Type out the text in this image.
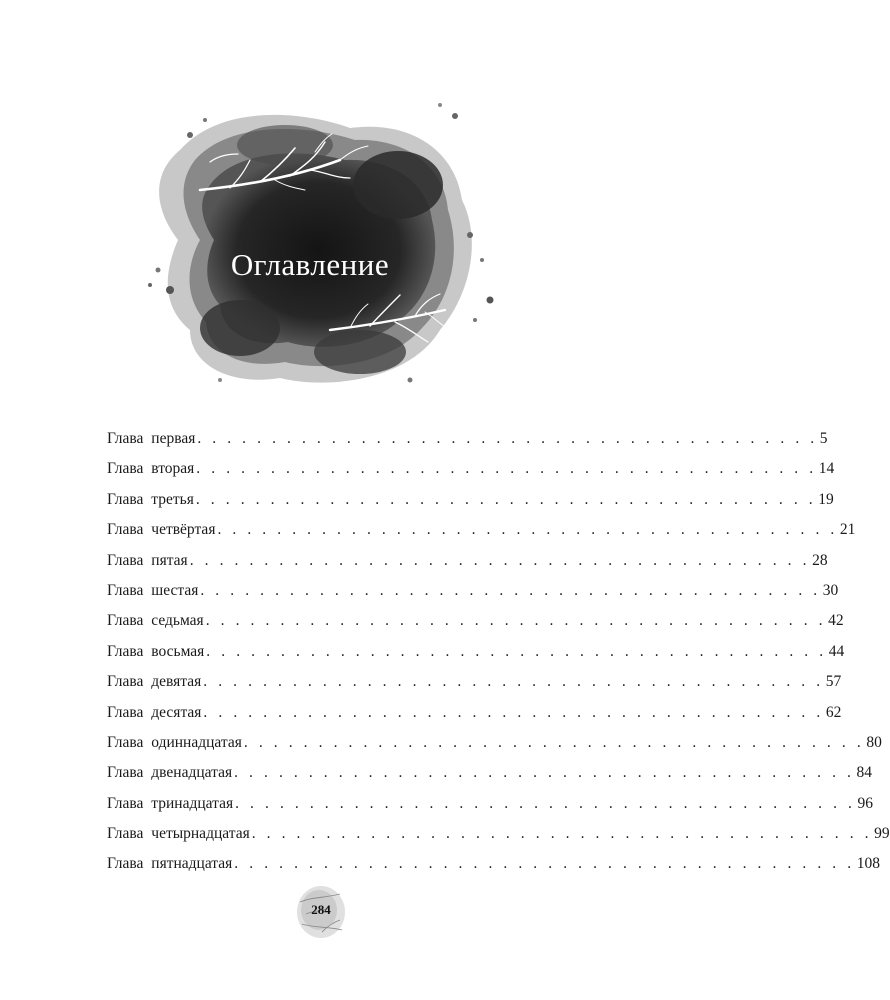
Оглавление
Глава первая . . . . . . . . . . . . . . . . . . . . . . . . . . . . . . . . . . . . . . . . . . 5
Глава вторая . . . . . . . . . . . . . . . . . . . . . . . . . . . . . . . . . . . . . . . . . . 14
Глава третья . . . . . . . . . . . . . . . . . . . . . . . . . . . . . . . . . . . . . . . . . . 19
Глава четвёртая . . . . . . . . . . . . . . . . . . . . . . . . . . . . . . . . . . . . . . . . . . 21
Глава пятая . . . . . . . . . . . . . . . . . . . . . . . . . . . . . . . . . . . . . . . . . . 28
Глава шестая . . . . . . . . . . . . . . . . . . . . . . . . . . . . . . . . . . . . . . . . . . 30
Глава седьмая . . . . . . . . . . . . . . . . . . . . . . . . . . . . . . . . . . . . . . . . . . 42
Глава восьмая . . . . . . . . . . . . . . . . . . . . . . . . . . . . . . . . . . . . . . . . . . 44
Глава девятая . . . . . . . . . . . . . . . . . . . . . . . . . . . . . . . . . . . . . . . . . . 57
Глава десятая . . . . . . . . . . . . . . . . . . . . . . . . . . . . . . . . . . . . . . . . . . 62
Глава одиннадцатая . . . . . . . . . . . . . . . . . . . . . . . . . . . . . . . . . . . . . . . . . . 80
Глава двенадцатая . . . . . . . . . . . . . . . . . . . . . . . . . . . . . . . . . . . . . . . . . . 84
Глава тринадцатая . . . . . . . . . . . . . . . . . . . . . . . . . . . . . . . . . . . . . . . . . . 96
Глава четырнадцатая . . . . . . . . . . . . . . . . . . . . . . . . . . . . . . . . . . . . . . . . . . 99
Глава пятнадцатая . . . . . . . . . . . . . . . . . . . . . . . . . . . . . . . . . . . . . . . . . . 108
284
